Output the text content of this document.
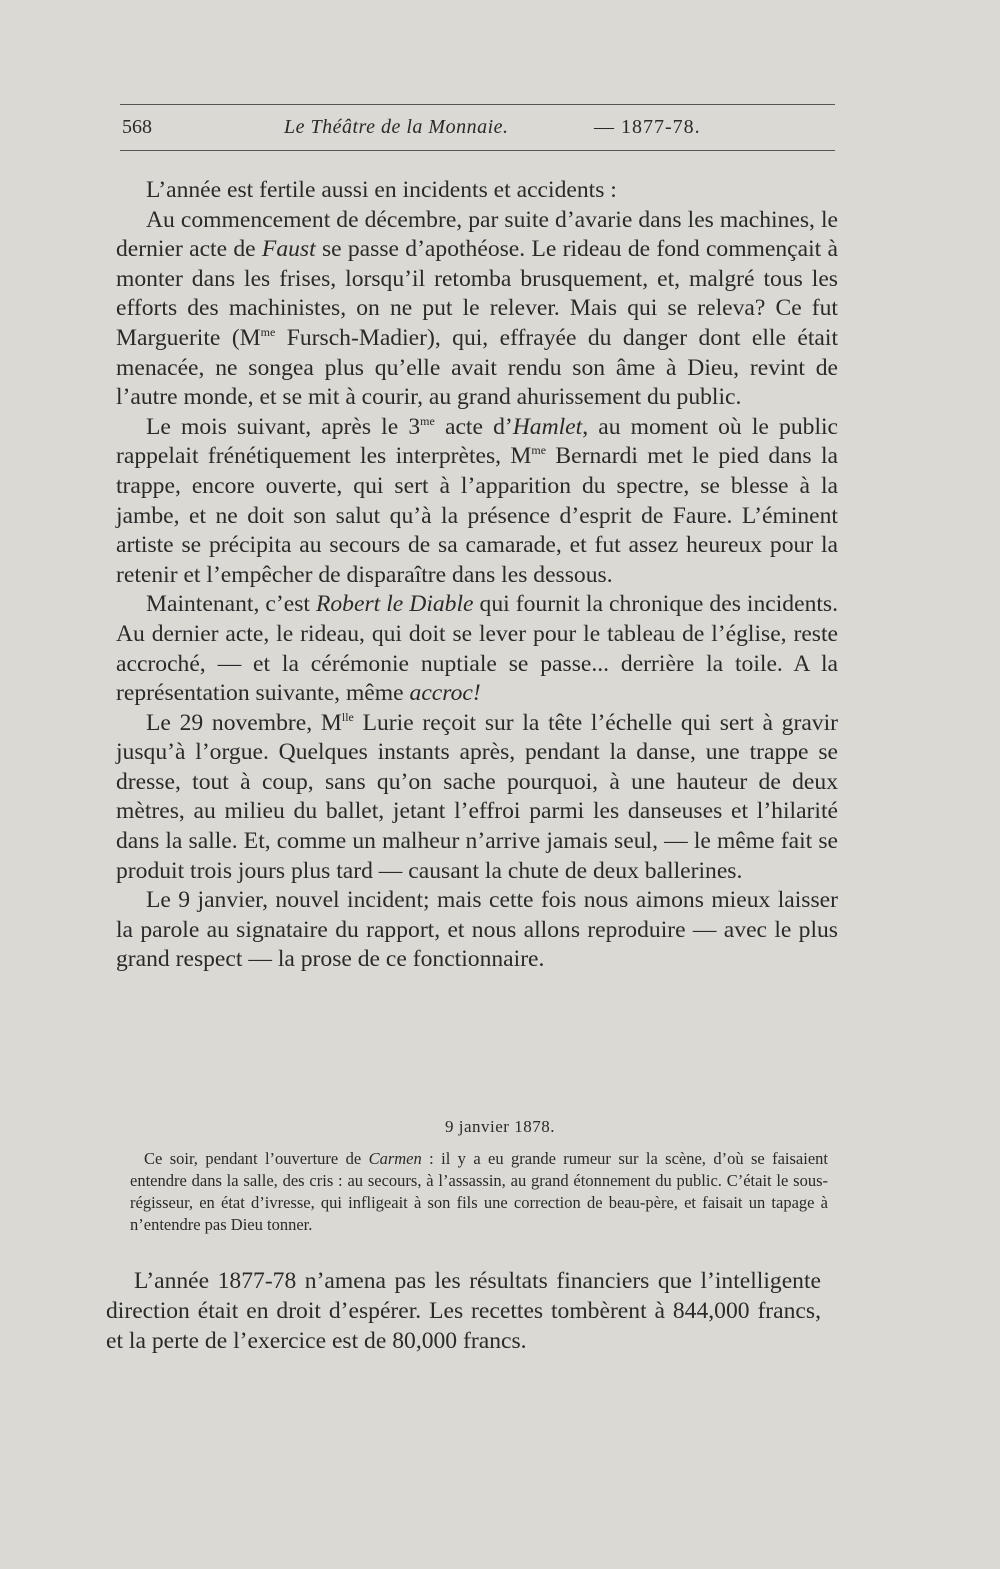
568	Le Théâtre de la Monnaie.	— 1877-78.

L’année est fertile aussi en incidents et accidents :

Au commencement de décembre, par suite d’avarie dans les machines, le dernier acte de Faust se passe d’apothéose. Le rideau de fond commençait à monter dans les frises, lorsqu’il retomba brusquement, et, malgré tous les efforts des machinistes, on ne put le relever. Mais qui se releva? Ce fut Marguerite ($M^{me}$ Fursch-Madier), qui, effrayée du danger dont elle était menacée, ne songea plus qu’elle avait rendu son âme à Dieu, revint de l’autre monde, et se mit à courir, au grand ahurissement du public.

Le mois suivant, après le $3^{me}$ acte d’Hamlet, au moment où le public rappelait frénétiquement les interprètes, $M^{me}$ Bernardi met le pied dans la trappe, encore ouverte, qui sert à l’apparition du spectre, se blesse à la jambe, et ne doit son salut qu’à la présence d’esprit de Faure. L’éminent artiste se précipita au secours de sa camarade, et fut assez heureux pour la retenir et l’empêcher de disparaître dans les dessous.

Maintenant, c’est Robert le Diable qui fournit la chronique des incidents. Au dernier acte, le rideau, qui doit se lever pour le tableau de l’église, reste accroché, — et la cérémonie nuptiale se passe... derrière la toile. A la représentation suivante, même accroc!

Le 29 novembre, $M^{lle}$ Lurie reçoit sur la tête l’échelle qui sert à gravir jusqu’à l’orgue. Quelques instants après, pendant la danse, une trappe se dresse, tout à coup, sans qu’on sache pourquoi, à une hauteur de deux mètres, au milieu du ballet, jetant l’effroi parmi les danseuses et l’hilarité dans la salle. Et, comme un malheur n’arrive jamais seul, — le même fait se produit trois jours plus tard — causant la chute de deux ballerines.

Le 9 janvier, nouvel incident; mais cette fois nous aimons mieux laisser la parole au signataire du rapport, et nous allons reproduire — avec le plus grand respect — la prose de ce fonctionnaire.

9 janvier 1878.

Ce soir, pendant l’ouverture de Carmen : il y a eu grande rumeur sur la scène, d’où se faisaient entendre dans la salle, des cris : au secours, à l’assassin, au grand étonnement du public. C’était le sous-régisseur, en état d’ivresse, qui infligeait à son fils une correction de beau-père, et faisait un tapage à n’entendre pas Dieu tonner.

L’année 1877-78 n’amena pas les résultats financiers que l’intelligente direction était en droit d’espérer. Les recettes tombèrent à 844,000 francs, et la perte de l’exercice est de 80,000 francs.
